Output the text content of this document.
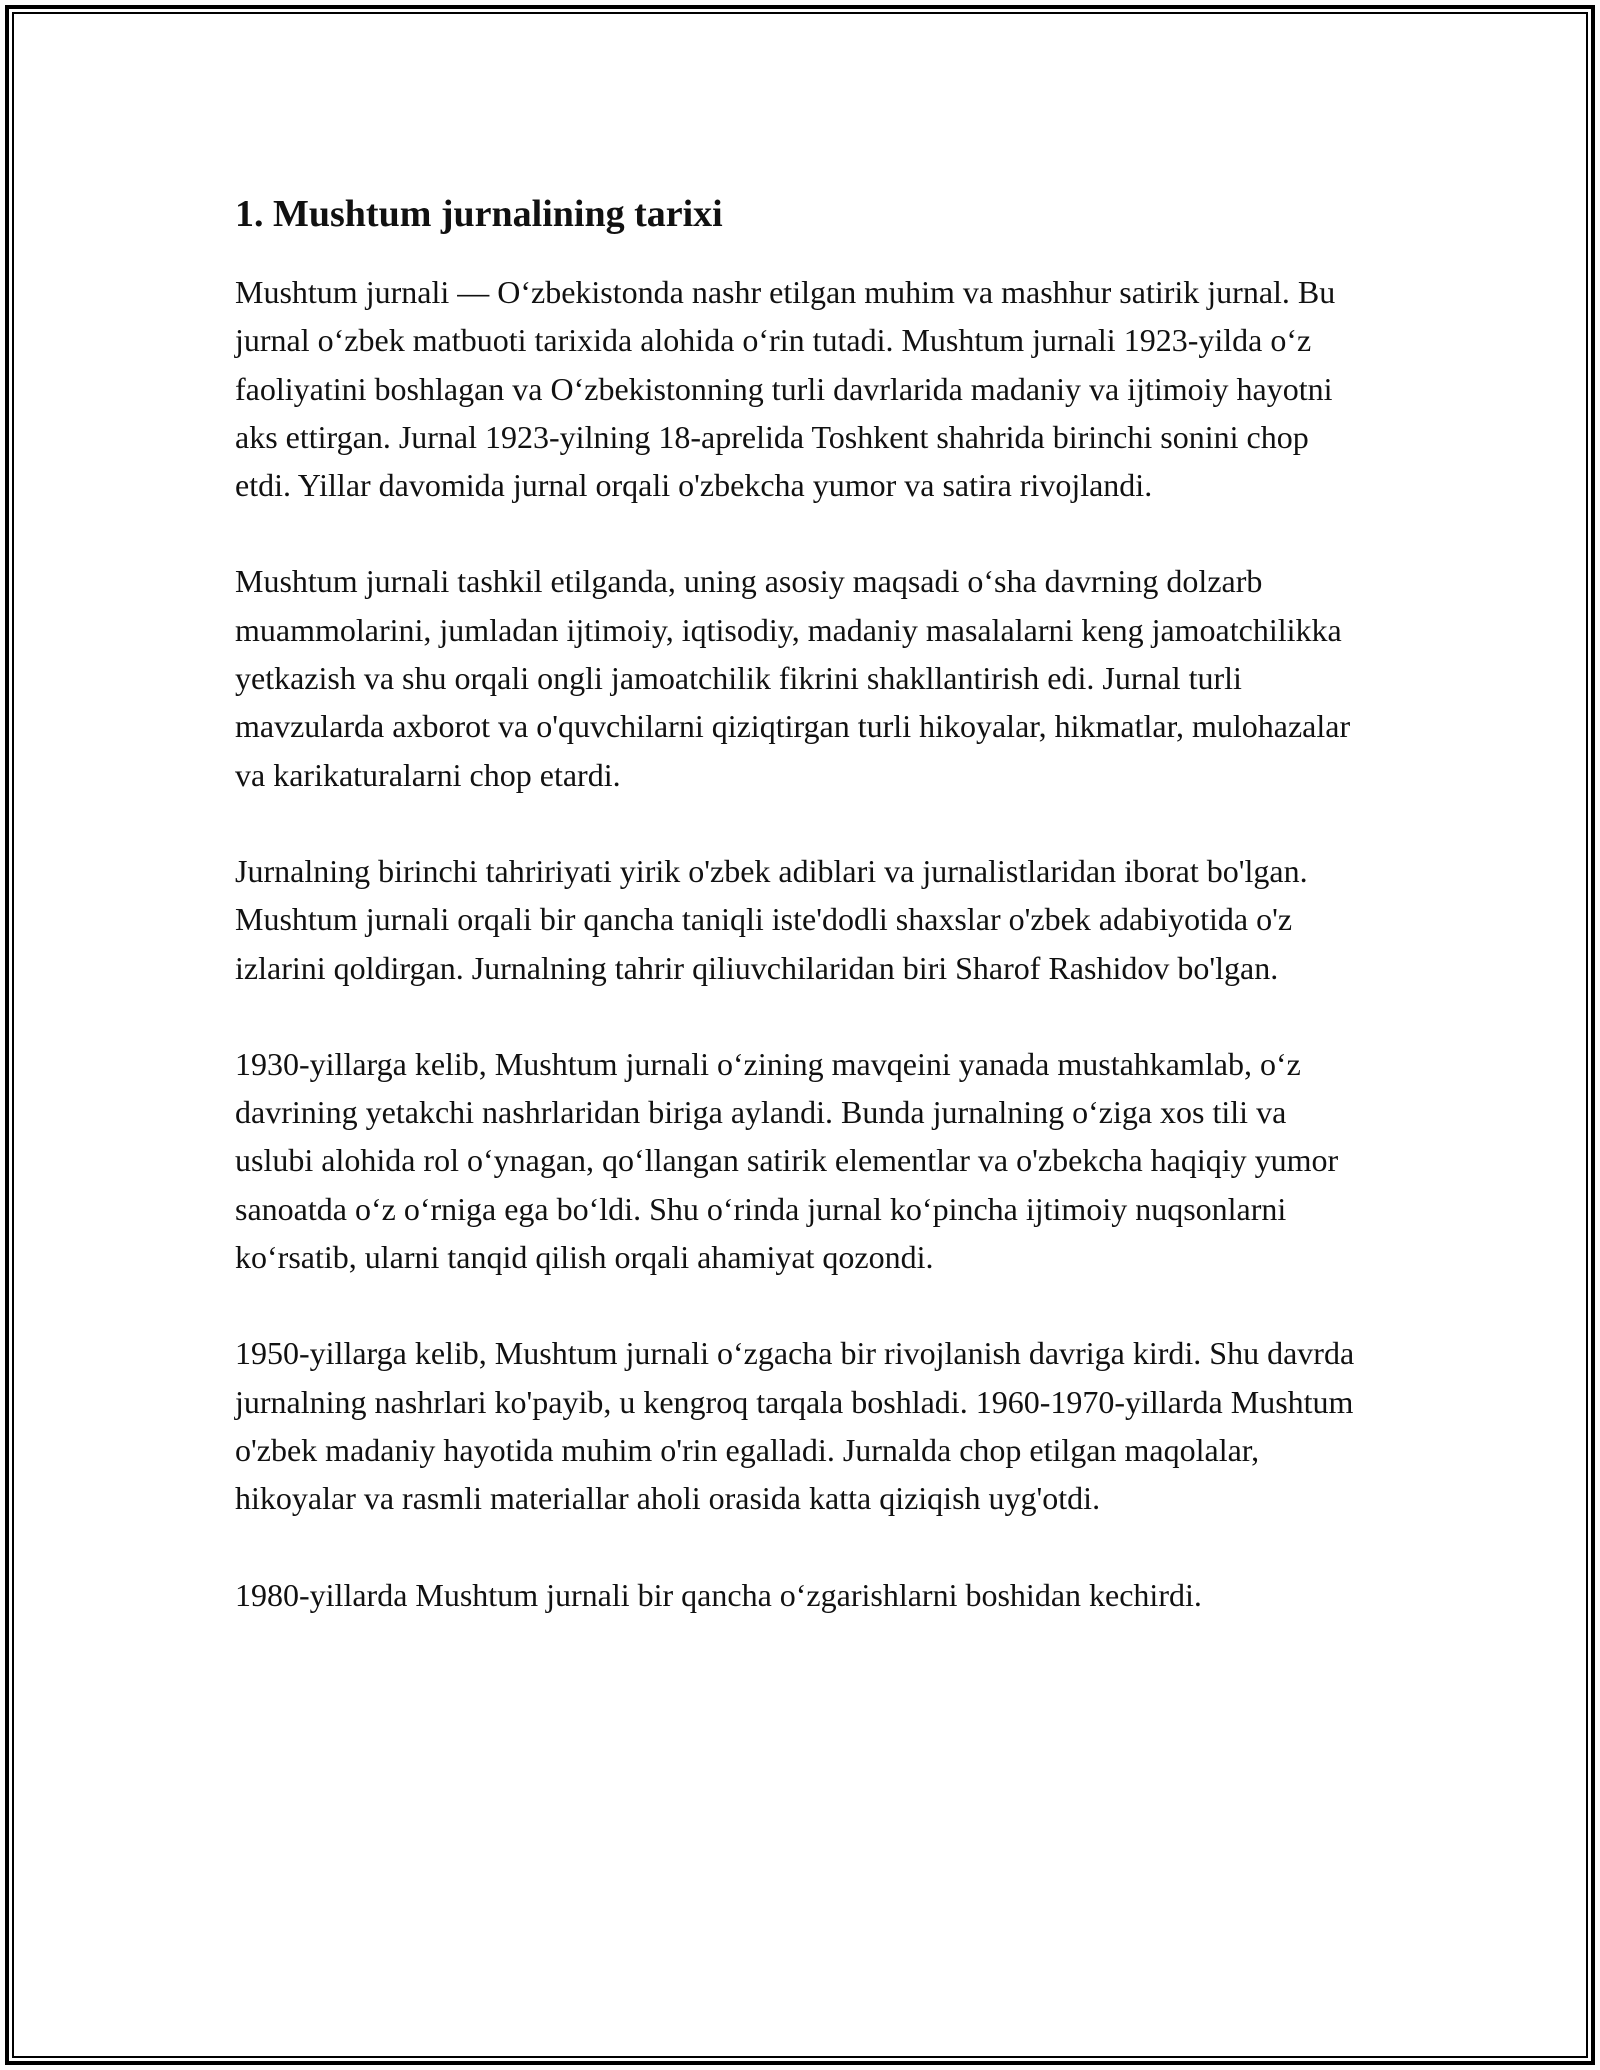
1. Mushtum jurnalining tarixi

Mushtum jurnali — O‘zbekistonda nashr etilgan muhim va mashhur satirik jurnal. Bu jurnal o‘zbek matbuoti tarixida alohida o‘rin tutadi. Mushtum jurnali 1923-yilda o‘z faoliyatini boshlagan va O‘zbekistonning turli davrlarida madaniy va ijtimoiy hayotni aks ettirgan. Jurnal 1923-yilning 18-aprelida Toshkent shahrida birinchi sonini chop etdi. Yillar davomida jurnal orqali o'zbekcha yumor va satira rivojlandi.

Mushtum jurnali tashkil etilganda, uning asosiy maqsadi o‘sha davrning dolzarb muammolarini, jumladan ijtimoiy, iqtisodiy, madaniy masalalarni keng jamoatchilikka yetkazish va shu orqali ongli jamoatchilik fikrini shakllantirish edi. Jurnal turli mavzularda axborot va o'quvchilarni qiziqtirgan turli hikoyalar, hikmatlar, mulohazalar va karikaturalarni chop etardi.

Jurnalning birinchi tahririyati yirik o'zbek adiblari va jurnalistlaridan iborat bo'lgan. Mushtum jurnali orqali bir qancha taniqli iste'dodli shaxslar o'zbek adabiyotida o'z izlarini qoldirgan. Jurnalning tahrir qiliuvchilaridan biri Sharof Rashidov bo'lgan.

1930-yillarga kelib, Mushtum jurnali o‘zining mavqeini yanada mustahkamlab, o‘z davrining yetakchi nashrlaridan biriga aylandi. Bunda jurnalning o‘ziga xos tili va uslubi alohida rol o‘ynagan, qo‘llangan satirik elementlar va o'zbekcha haqiqiy yumor sanoatda o‘z o‘rniga ega bo‘ldi. Shu o‘rinda jurnal ko‘pincha ijtimoiy nuqsonlarni ko‘rsatib, ularni tanqid qilish orqali ahamiyat qozondi.

1950-yillarga kelib, Mushtum jurnali o‘zgacha bir rivojlanish davriga kirdi. Shu davrda jurnalning nashrlari ko'payib, u kengroq tarqala boshladi. 1960-1970-yillarda Mushtum o'zbek madaniy hayotida muhim o'rin egalladi. Jurnalda chop etilgan maqolalar, hikoyalar va rasmli materiallar aholi orasida katta qiziqish uyg'otdi.

1980-yillarda Mushtum jurnali bir qancha o‘zgarishlarni boshidan kechirdi.
